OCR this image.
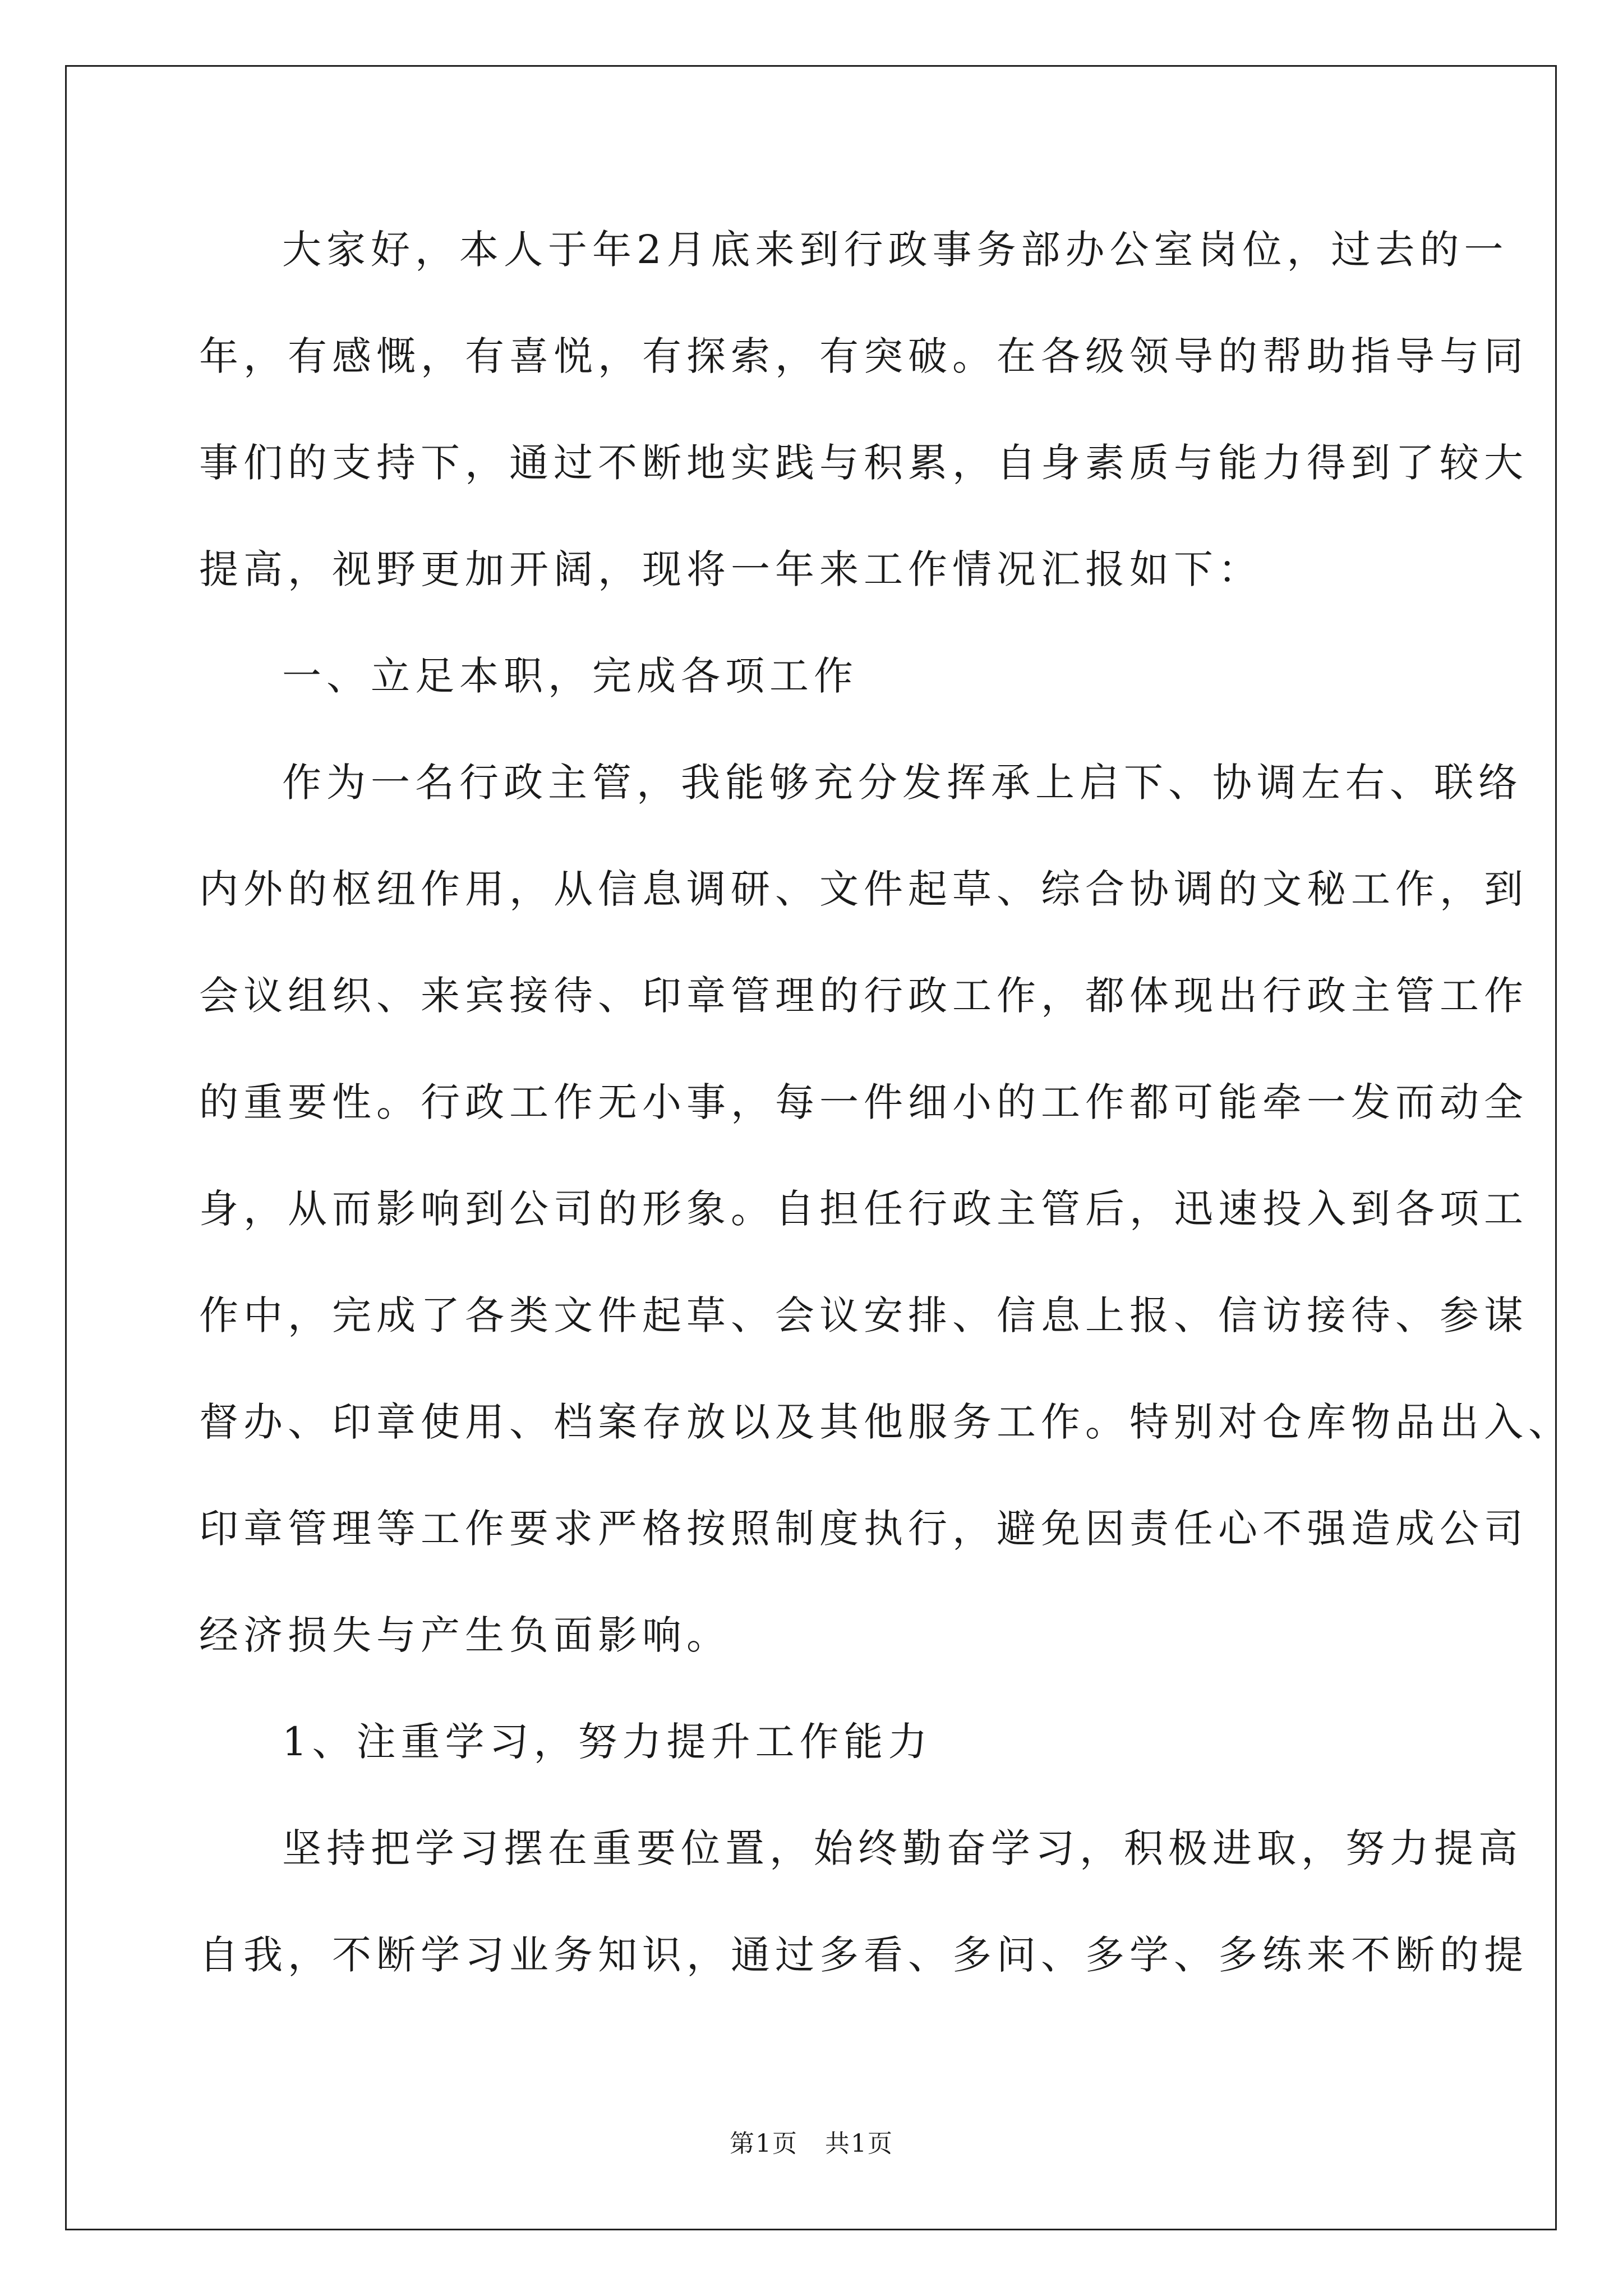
大家好，本人于年2月底来到行政事务部办公室岗位，过去的一
年，有感慨，有喜悦，有探索，有突破。在各级领导的帮助指导与同
事们的支持下，通过不断地实践与积累，自身素质与能力得到了较大
提高，视野更加开阔，现将一年来工作情况汇报如下：
一、立足本职，完成各项工作
作为一名行政主管，我能够充分发挥承上启下、协调左右、联络
内外的枢纽作用，从信息调研、文件起草、综合协调的文秘工作，到
会议组织、来宾接待、印章管理的行政工作，都体现出行政主管工作
的重要性。行政工作无小事，每一件细小的工作都可能牵一发而动全
身，从而影响到公司的形象。自担任行政主管后，迅速投入到各项工
作中，完成了各类文件起草、会议安排、信息上报、信访接待、参谋
督办、印章使用、档案存放以及其他服务工作。特别对仓库物品出入、
印章管理等工作要求严格按照制度执行，避免因责任心不强造成公司
经济损失与产生负面影响。
1、注重学习，努力提升工作能力
坚持把学习摆在重要位置，始终勤奋学习，积极进取，努力提高
自我，不断学习业务知识，通过多看、多问、多学、多练来不断的提
第1页   共1页
